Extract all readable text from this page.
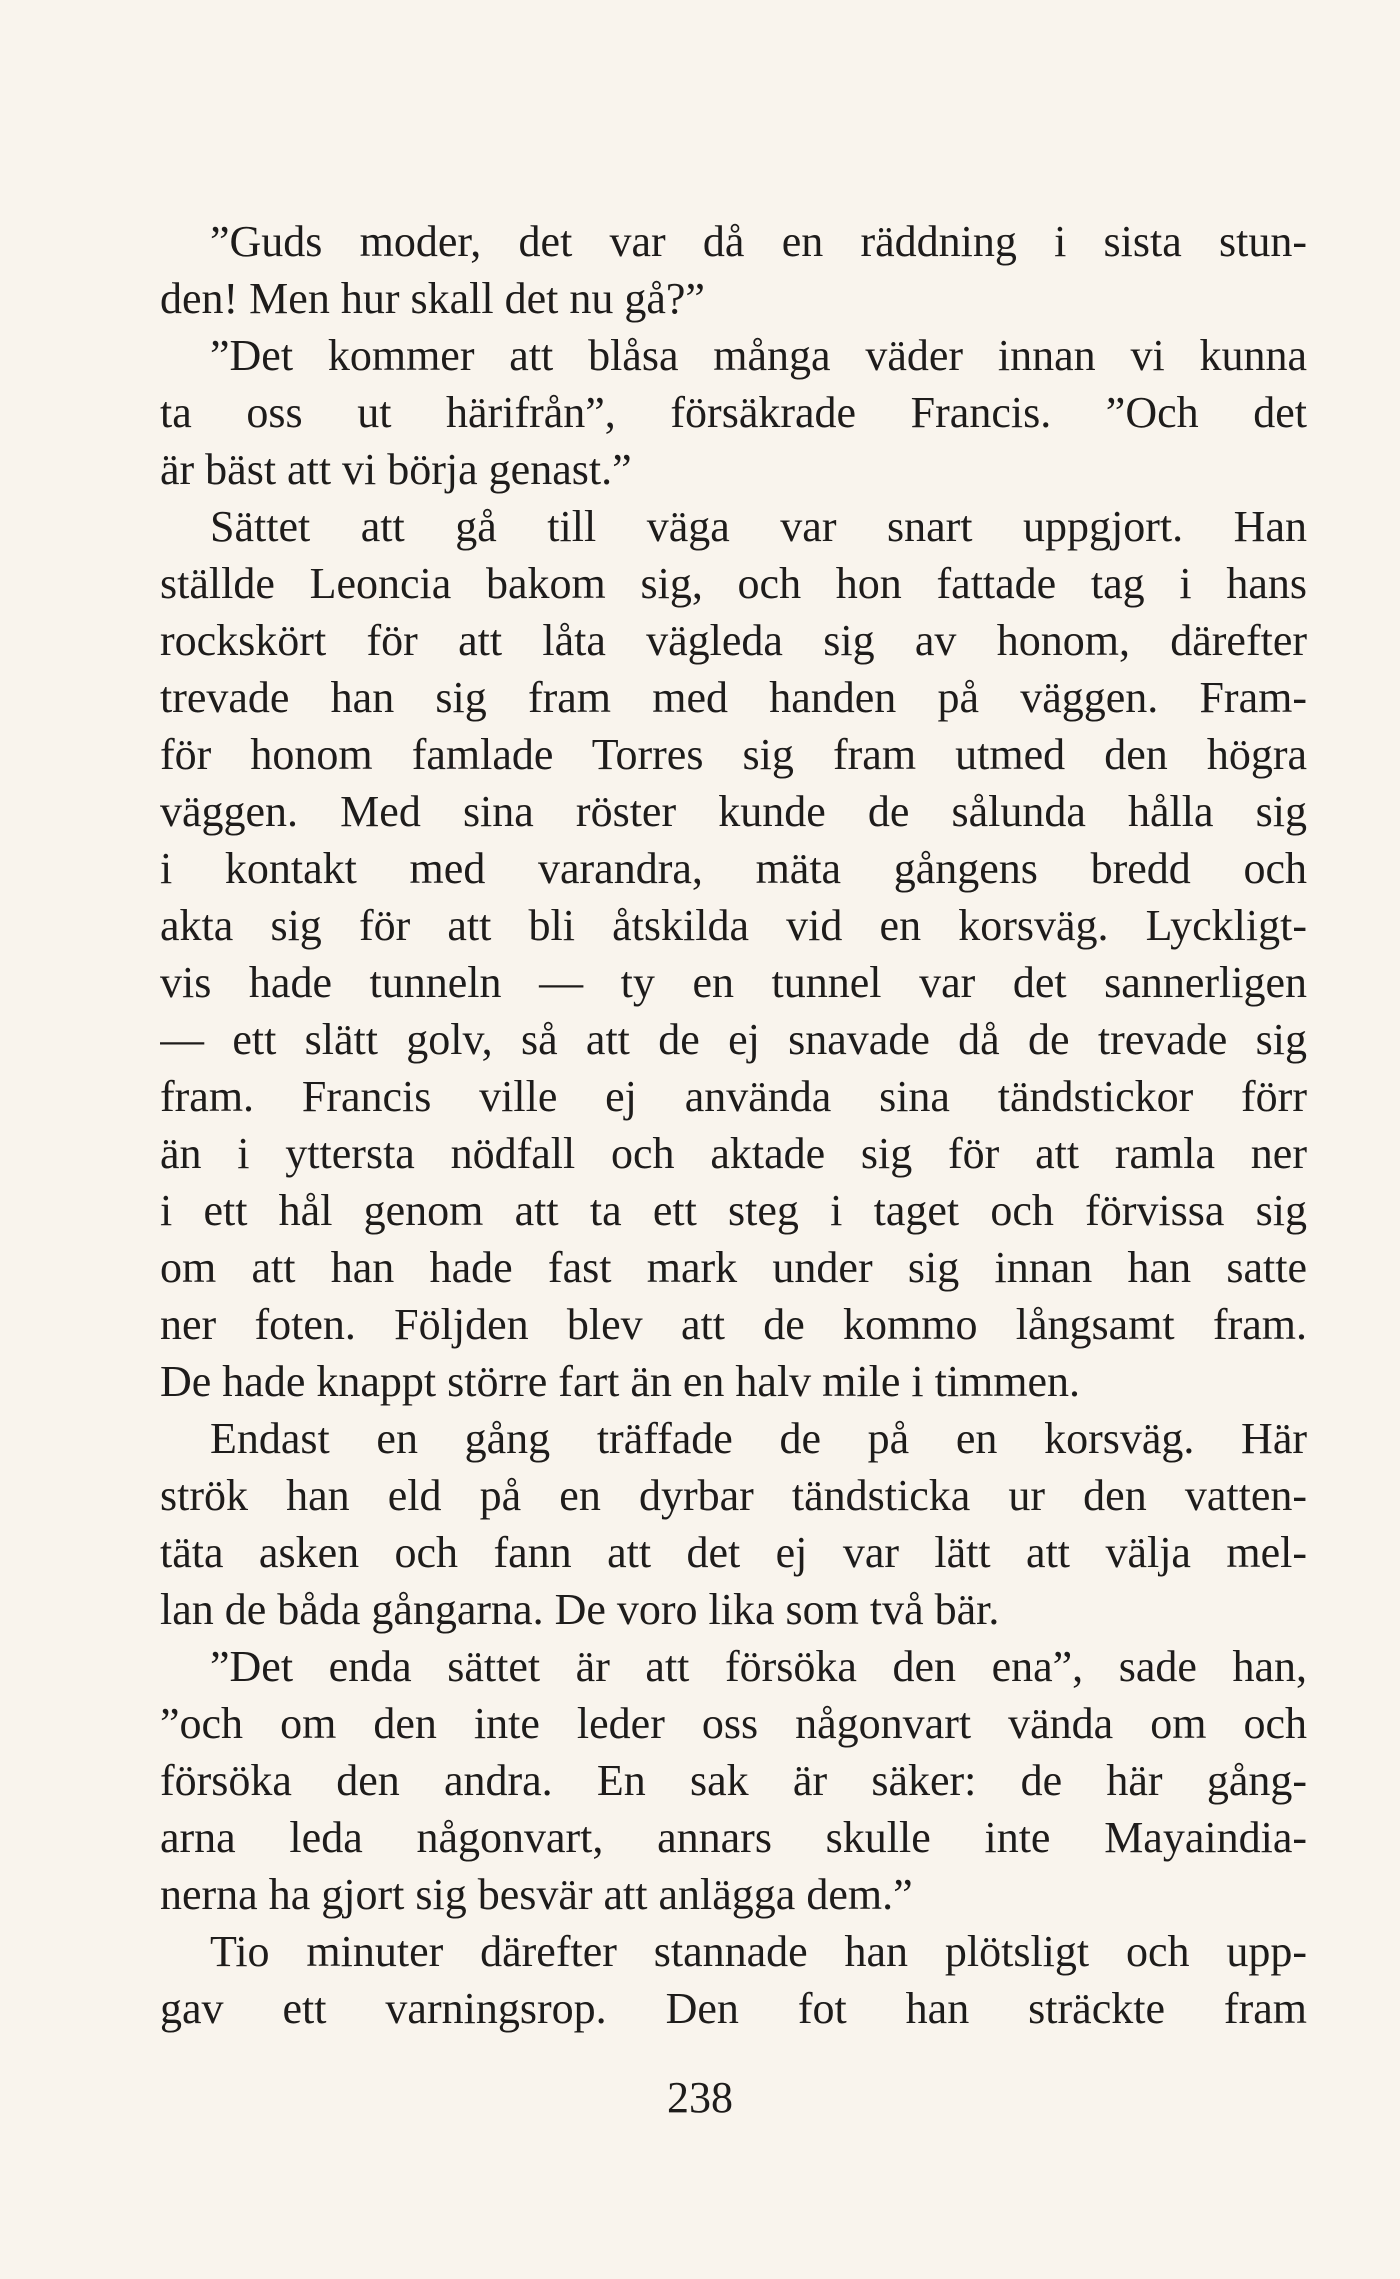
”Guds moder, det var då en räddning i sista stun-
den! Men hur skall det nu gå?”
”Det kommer att blåsa många väder innan vi kunna
ta oss ut härifrån”, försäkrade Francis. ”Och det
är bäst att vi börja genast.”
Sättet att gå till väga var snart uppgjort. Han
ställde Leoncia bakom sig, och hon fattade tag i hans
rockskört för att låta vägleda sig av honom, därefter
trevade han sig fram med handen på väggen. Fram-
för honom famlade Torres sig fram utmed den högra
väggen. Med sina röster kunde de sålunda hålla sig
i kontakt med varandra, mäta gångens bredd och
akta sig för att bli åtskilda vid en korsväg. Lyckligt-
vis hade tunneln — ty en tunnel var det sannerligen
— ett slätt golv, så att de ej snavade då de trevade sig
fram. Francis ville ej använda sina tändstickor förr
än i yttersta nödfall och aktade sig för att ramla ner
i ett hål genom att ta ett steg i taget och förvissa sig
om att han hade fast mark under sig innan han satte
ner foten. Följden blev att de kommo långsamt fram.
De hade knappt större fart än en halv mile i timmen.
Endast en gång träffade de på en korsväg. Här
strök han eld på en dyrbar tändsticka ur den vatten-
täta asken och fann att det ej var lätt att välja mel-
lan de båda gångarna. De voro lika som två bär.
”Det enda sättet är att försöka den ena”, sade han,
”och om den inte leder oss någonvart vända om och
försöka den andra. En sak är säker: de här gång-
arna leda någonvart, annars skulle inte Mayaindia-
nerna ha gjort sig besvär att anlägga dem.”
Tio minuter därefter stannade han plötsligt och upp-
gav ett varningsrop. Den fot han sträckte fram
238
